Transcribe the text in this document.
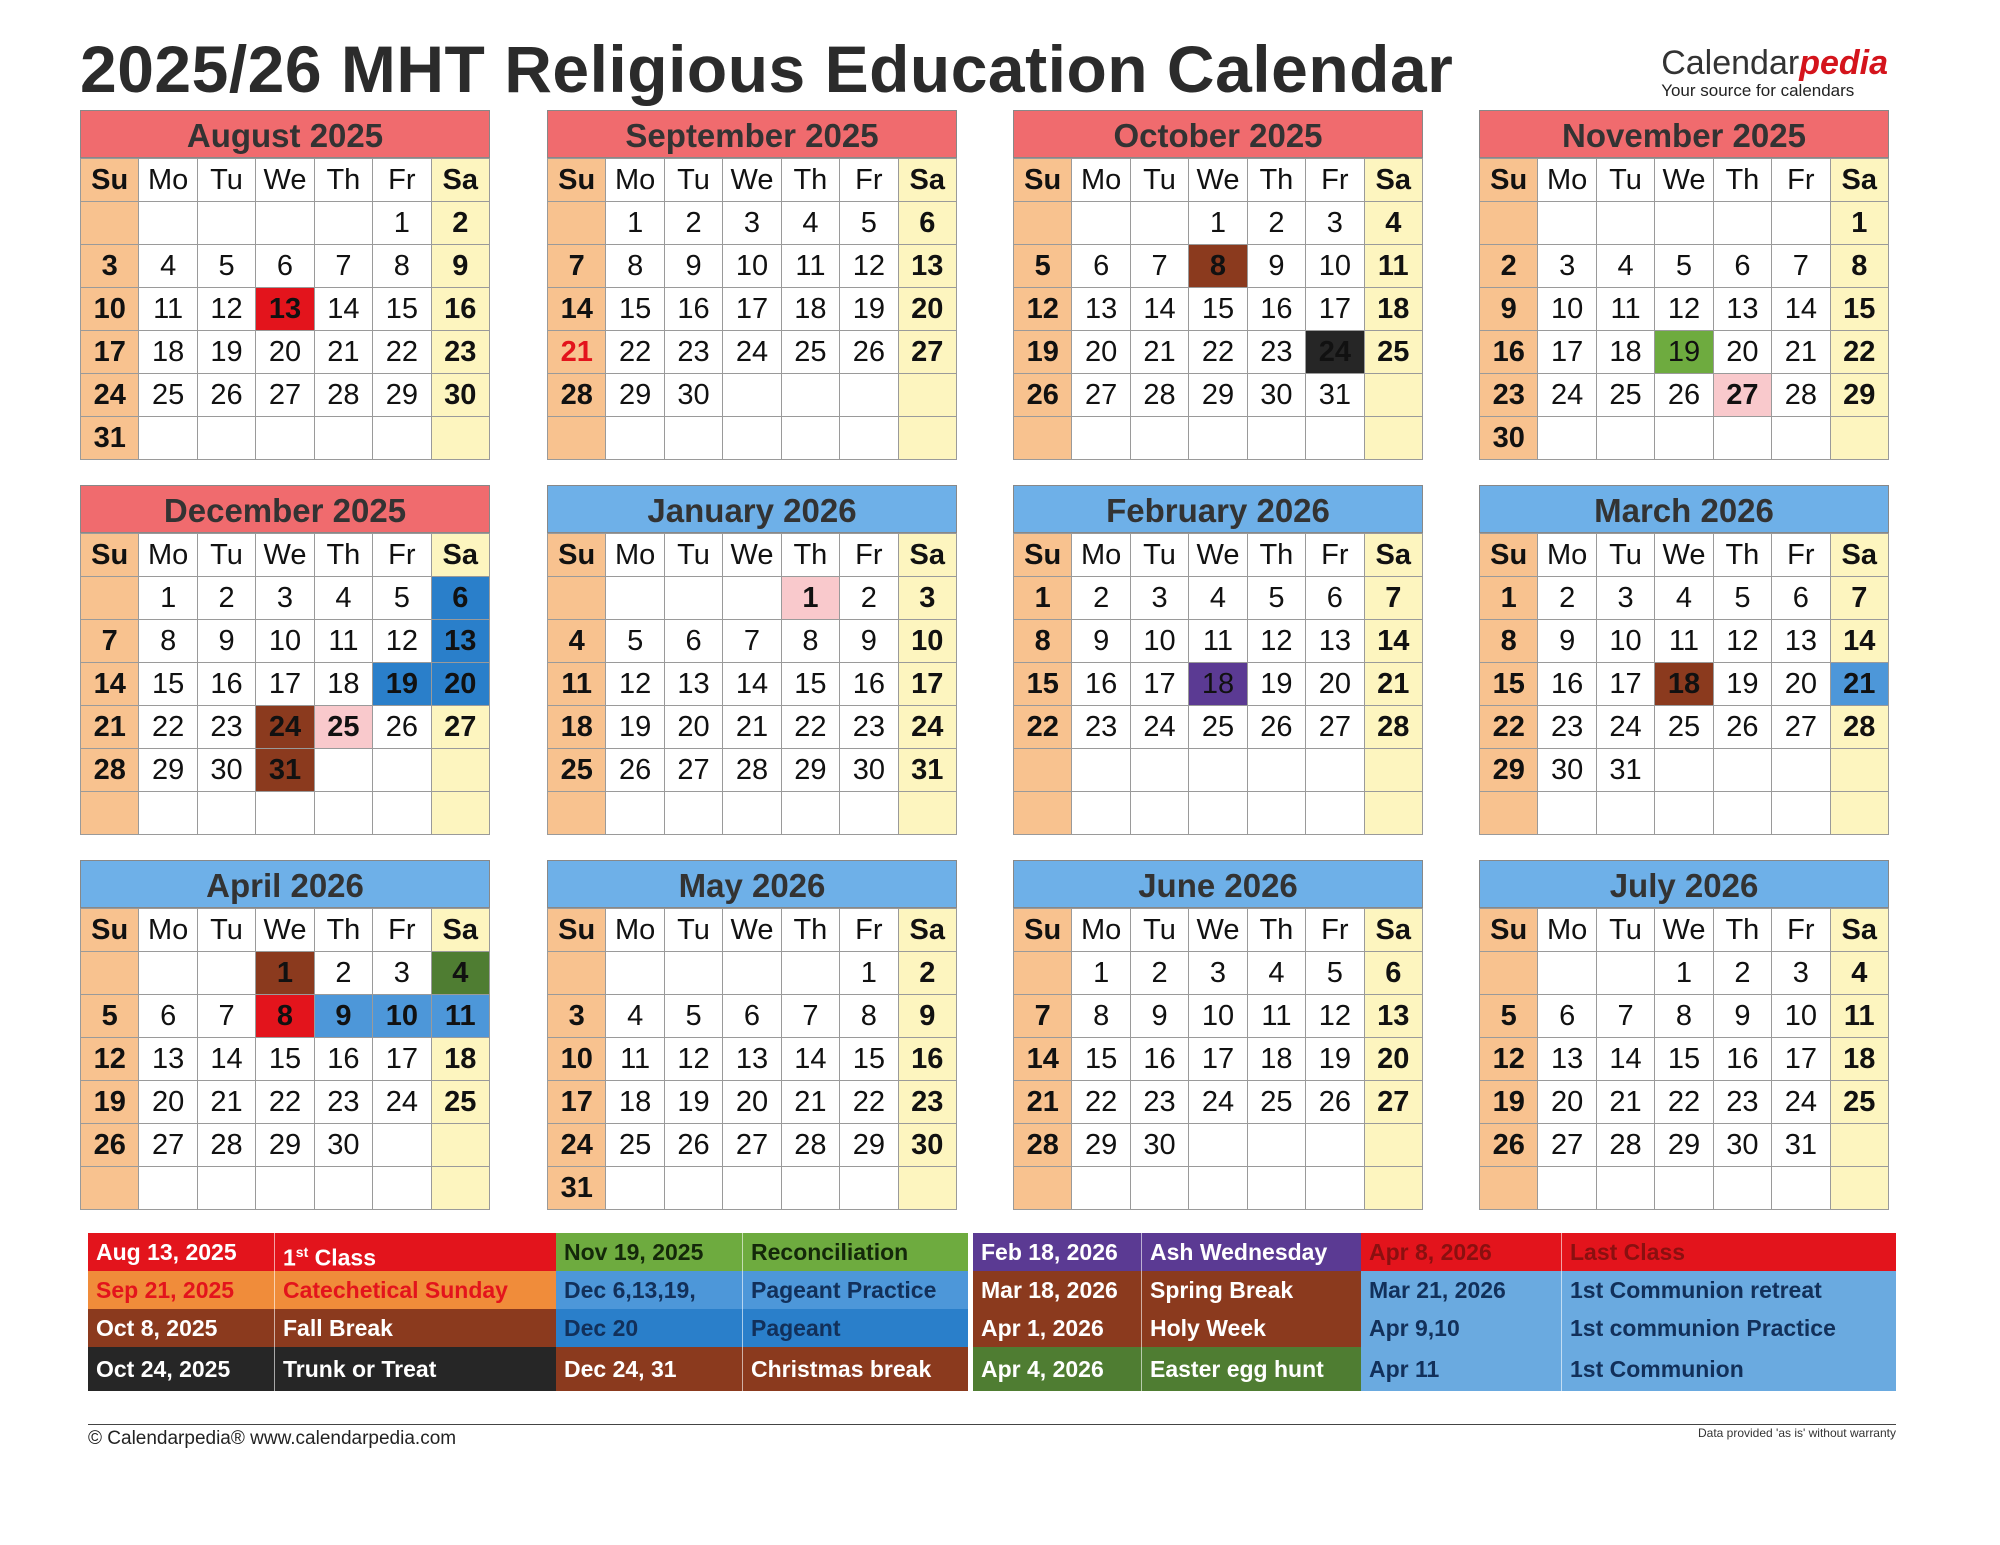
2025/26 MHT Religious Education Calendar	Calendarpedia
Your source for calendars
August 2025
Su	Mo	Tu	We	Th	Fr	Sa
					1	2
3	4	5	6	7	8	9
10	11	12	13	14	15	16
17	18	19	20	21	22	23
24	25	26	27	28	29	30
31						
September 2025
Su	Mo	Tu	We	Th	Fr	Sa
	1	2	3	4	5	6
7	8	9	10	11	12	13
14	15	16	17	18	19	20
21	22	23	24	25	26	27
28	29	30				

October 2025
Su	Mo	Tu	We	Th	Fr	Sa
			1	2	3	4
5	6	7	8	9	10	11
12	13	14	15	16	17	18
19	20	21	22	23	24	25
26	27	28	29	30	31	

November 2025
Su	Mo	Tu	We	Th	Fr	Sa
						1
2	3	4	5	6	7	8
9	10	11	12	13	14	15
16	17	18	19	20	21	22
23	24	25	26	27	28	29
30						
December 2025
Su	Mo	Tu	We	Th	Fr	Sa
	1	2	3	4	5	6
7	8	9	10	11	12	13
14	15	16	17	18	19	20
21	22	23	24	25	26	27
28	29	30	31			

January 2026
Su	Mo	Tu	We	Th	Fr	Sa
				1	2	3
4	5	6	7	8	9	10
11	12	13	14	15	16	17
18	19	20	21	22	23	24
25	26	27	28	29	30	31

February 2026
Su	Mo	Tu	We	Th	Fr	Sa
1	2	3	4	5	6	7
8	9	10	11	12	13	14
15	16	17	18	19	20	21
22	23	24	25	26	27	28

March 2026
Su	Mo	Tu	We	Th	Fr	Sa
1	2	3	4	5	6	7
8	9	10	11	12	13	14
15	16	17	18	19	20	21
22	23	24	25	26	27	28
29	30	31				

April 2026
Su	Mo	Tu	We	Th	Fr	Sa
			1	2	3	4
5	6	7	8	9	10	11
12	13	14	15	16	17	18
19	20	21	22	23	24	25
26	27	28	29	30		

May 2026
Su	Mo	Tu	We	Th	Fr	Sa
					1	2
3	4	5	6	7	8	9
10	11	12	13	14	15	16
17	18	19	20	21	22	23
24	25	26	27	28	29	30
31						
June 2026
Su	Mo	Tu	We	Th	Fr	Sa
	1	2	3	4	5	6
7	8	9	10	11	12	13
14	15	16	17	18	19	20
21	22	23	24	25	26	27
28	29	30				

July 2026
Su	Mo	Tu	We	Th	Fr	Sa
			1	2	3	4
5	6	7	8	9	10	11
12	13	14	15	16	17	18
19	20	21	22	23	24	25
26	27	28	29	30	31	

Aug 13, 2025	1st Class
Sep 21, 2025	Catechetical Sunday
Oct 8, 2025	Fall Break
Oct 24, 2025	Trunk or Treat
Nov 19, 2025	Reconciliation
Dec 6,13,19,	Pageant Practice
Dec 20	Pageant
Dec 24, 31	Christmas break
Feb 18, 2026	Ash Wednesday
Mar 18, 2026	Spring Break
Apr 1, 2026	Holy Week
Apr 4, 2026	Easter egg hunt
Apr 8, 2026	Last Class
Mar 21, 2026	1st Communion retreat
Apr 9,10	1st communion Practice
Apr 11	1st Communion
© Calendarpedia® www.calendarpedia.com	Data provided 'as is' without warranty
